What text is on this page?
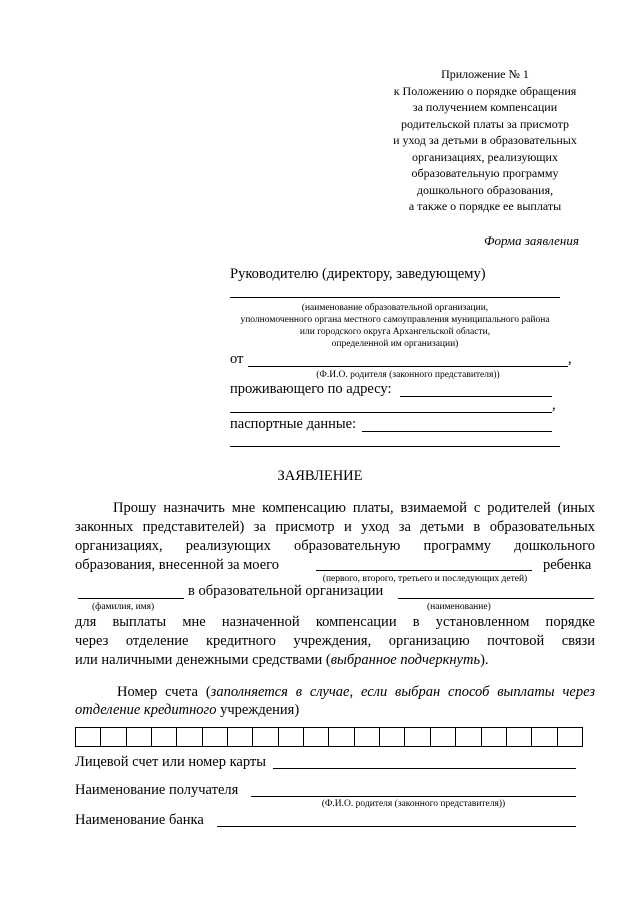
Приложение № 1
к Положению о порядке обращения
за получением компенсации
родительской платы за присмотр
и уход за детьми в образовательных
организациях, реализующих
образовательную программу
дошкольного образования,
а также о порядке ее выплаты
Форма заявления
Руководителю (директору, заведующему)
(наименование образовательной организации,
уполномоченного органа местного самоуправления муниципального района
или городского округа Архангельской области,
определенной им организации)
от	,
(Ф.И.О. родителя (законного представителя))
проживающего по адресу:
,
паспортные данные:
ЗАЯВЛЕНИЕ
Прошу назначить мне компенсацию платы, взимаемой с родителей (иных
законных представителей) за присмотр и уход за детьми в образовательных
организациях, реализующих образовательную программу дошкольного
образования, внесенной за моего	ребенка
(первого, второго, третьего и последующих детей)
в образовательной организации
(фамилия, имя)	(наименование)
для выплаты мне назначенной компенсации в установленном порядке
через отделение кредитного учреждения, организацию почтовой связи
или наличными денежными средствами (выбранное подчеркнуть).
Номер счета (заполняется в случае, если выбран способ выплаты через
отделение кредитного учреждения)
Лицевой счет или номер карты
Наименование получателя
(Ф.И.О. родителя (законного представителя))
Наименование банка
